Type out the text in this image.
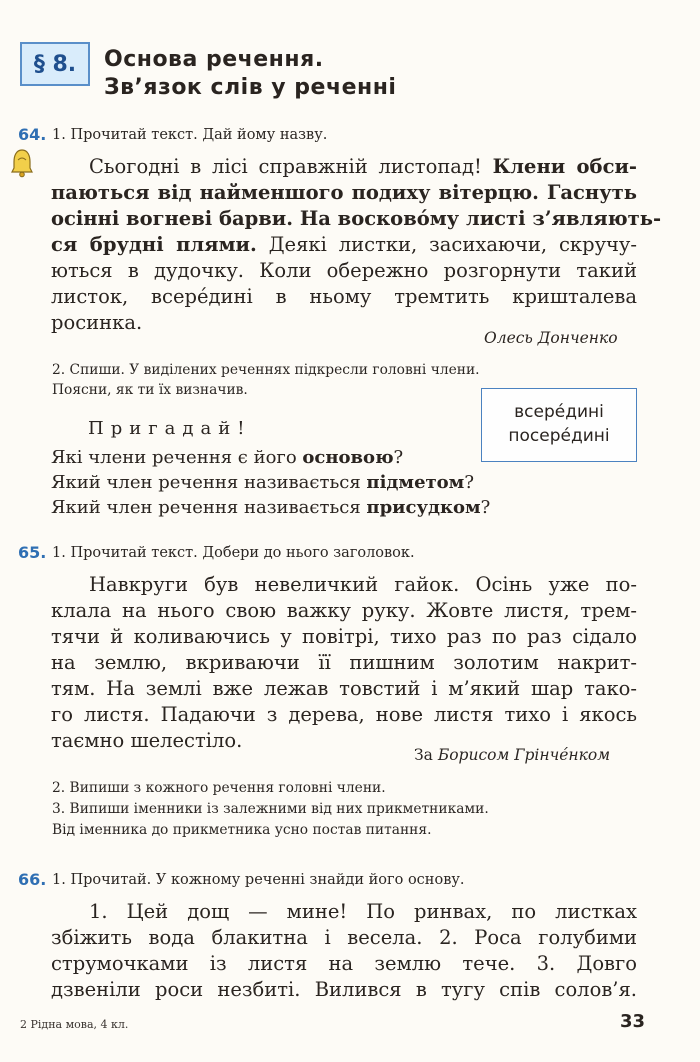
§ 8. Основа речення.
Зв’язок слів у реченні
64. 1. Прочитай текст. Дай йому назву.
Сьогодні в лісі справжній листопад! Клени обси-
паються від найменшого подиху вітерцю. Гаснуть
осінні вогневі барви. На восковóму листі з’являють-
ся брудні плями. Деякі листки, засихаючи, скручу-
ються в дудочку. Коли обережно розгорнути такий
листок, всерéдині в ньому тремтить кришталева
росинка.
Олесь Донченко
2. Спиши. У виділених реченнях підкресли головні члени.
Поясни, як ти їх визначив.
всерéдині
посерéдині
Пригадай!
Які члени речення є його основою?
Який член речення називається підметом?
Який член речення називається присудком?
65. 1. Прочитай текст. Добери до нього заголовок.
Навкруги був невеличкий гайок. Осінь уже по-
клала на нього свою важку руку. Жовте листя, трем-
тячи й коливаючись у повітрі, тихо раз по раз сідало
на землю, вкриваючи її пишним золотим накрит-
тям. На землі вже лежав товстий і м’який шар тако-
го листя. Падаючи з дерева, нове листя тихо і якось
таємно шелестіло.
За Борисом Грінчéнком
2. Випиши з кожного речення головні члени.
3. Випиши іменники із залежними від них прикметниками.
Від іменника до прикметника усно постав питання.
66. 1. Прочитай. У кожному реченні знайди його основу.
1. Цей дощ — мине! По ринвах, по листках
збіжить вода блакитна і весела. 2. Роса голубими
струмочками із листя на землю тече. 3. Довго
дзвеніли роси незбиті. Вилився в тугу спів солов’я.
2 Рідна мова, 4 кл.	33
